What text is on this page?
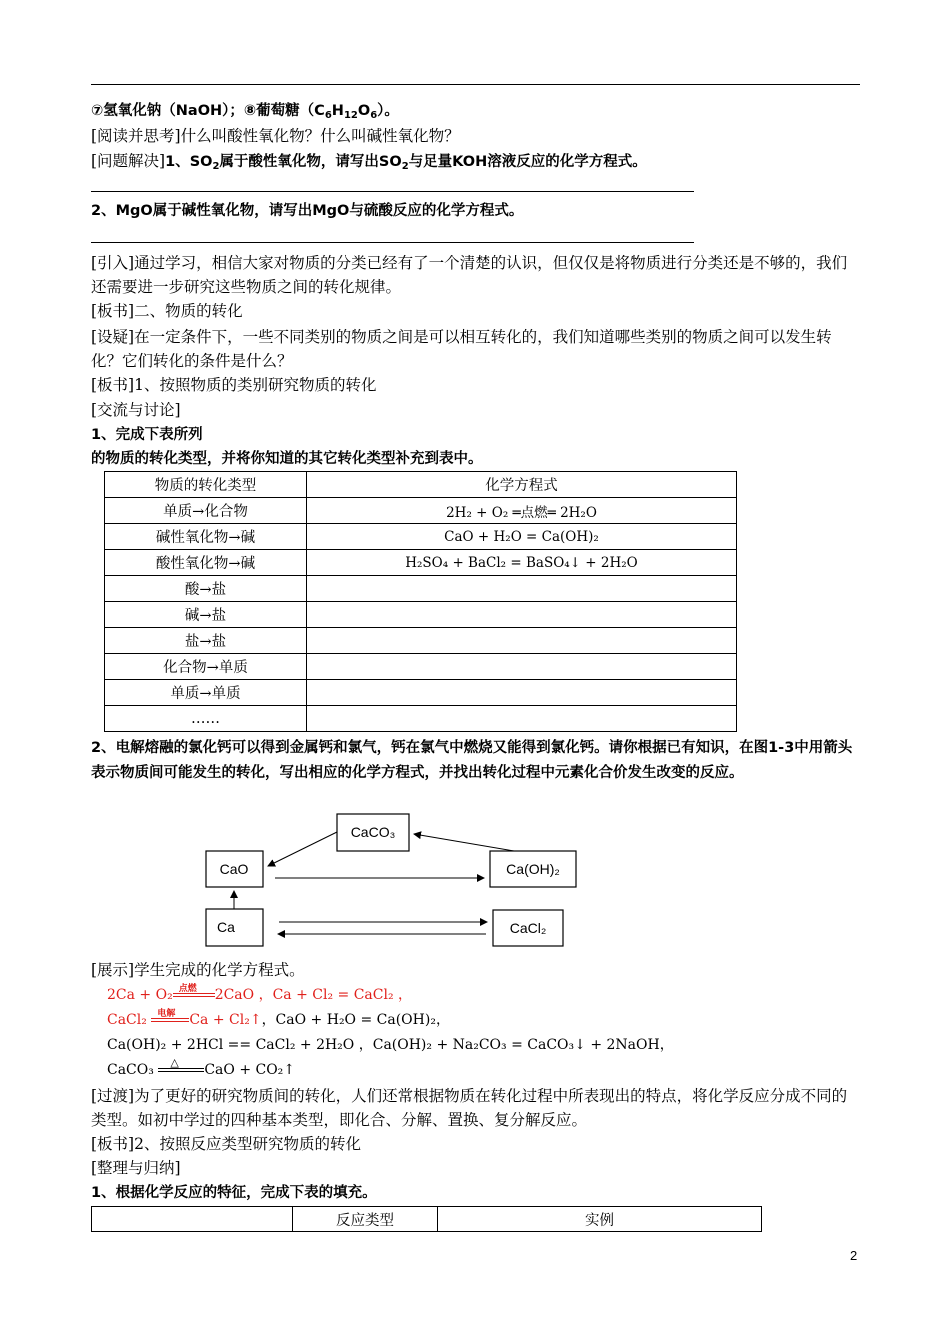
⑦氢氧化钠（NaOH）；⑧葡萄糖$(C_6H_{12}O_6)$。
[阅读并思考]什么叫酸性氧化物？什么叫碱性氧化物？
[问题解决]1、$SO_2$属于酸性氧化物，请写出$SO_2$与足量KOH溶液反应的化学方程式。
2、MgO属于碱性氧化物，请写出MgO与硫酸反应的化学方程式。
[引入]通过学习，相信大家对物质的分类已经有了一个清楚的认识，但仅仅是将物质进行分类还是不够的，我们还需要进一步研究这些物质之间的转化规律。
[板书]二、物质的转化
[设疑]在一定条件下，一些不同类别的物质之间是可以相互转化的，我们知道哪些类别的物质之间可以发生转化？它们转化的条件是什么？
[板书]1、按照物质的类别研究物质的转化
[交流与讨论]
1、完成下表所列
的物质的转化类型，并将你知道的其它转化类型补充到表中。
物质的转化类型	化学方程式
单质→化合物	2H₂ + O₂ ═点燃═ 2H₂O
碱性氧化物→碱	CaO + H₂O = Ca(OH)₂
酸性氧化物→碱	H₂SO₄ + BaCl₂ = BaSO₄↓ + 2H₂O
酸→盐	
碱→盐	
盐→盐	
化合物→单质	
单质→单质	
……	
2、电解熔融的氯化钙可以得到金属钙和氯气，钙在氯气中燃烧又能得到氯化钙。请你根据已有知识，在图1-3中用箭头表示物质间可能发生的转化，写出相应的化学方程式，并找出转化过程中元素化合价发生改变的反应。
CaCO₃
CaO	Ca(OH)₂
Ca	CaCl₂
[展示]学生完成的化学方程式。
2Ca + O₂ 点燃 2CaO ，Ca + Cl₂ = CaCl₂ ，
CaCl₂ 电解 Ca + Cl₂↑，CaO + H₂O = Ca(OH)₂，
Ca(OH)₂ + 2HCl == CaCl₂ + 2H₂O ，Ca(OH)₂ + Na₂CO₃ = CaCO₃↓ + 2NaOH，
CaCO₃ △ CaO + CO₂↑
[过渡]为了更好的研究物质间的转化，人们还常根据物质在转化过程中所表现出的特点，将化学反应分成不同的类型。如初中学过的四种基本类型，即化合、分解、置换、复分解反应。
[板书]2、按照反应类型研究物质的转化
[整理与归纳]
1、根据化学反应的特征，完成下表的填充。
	反应类型	实例
2
